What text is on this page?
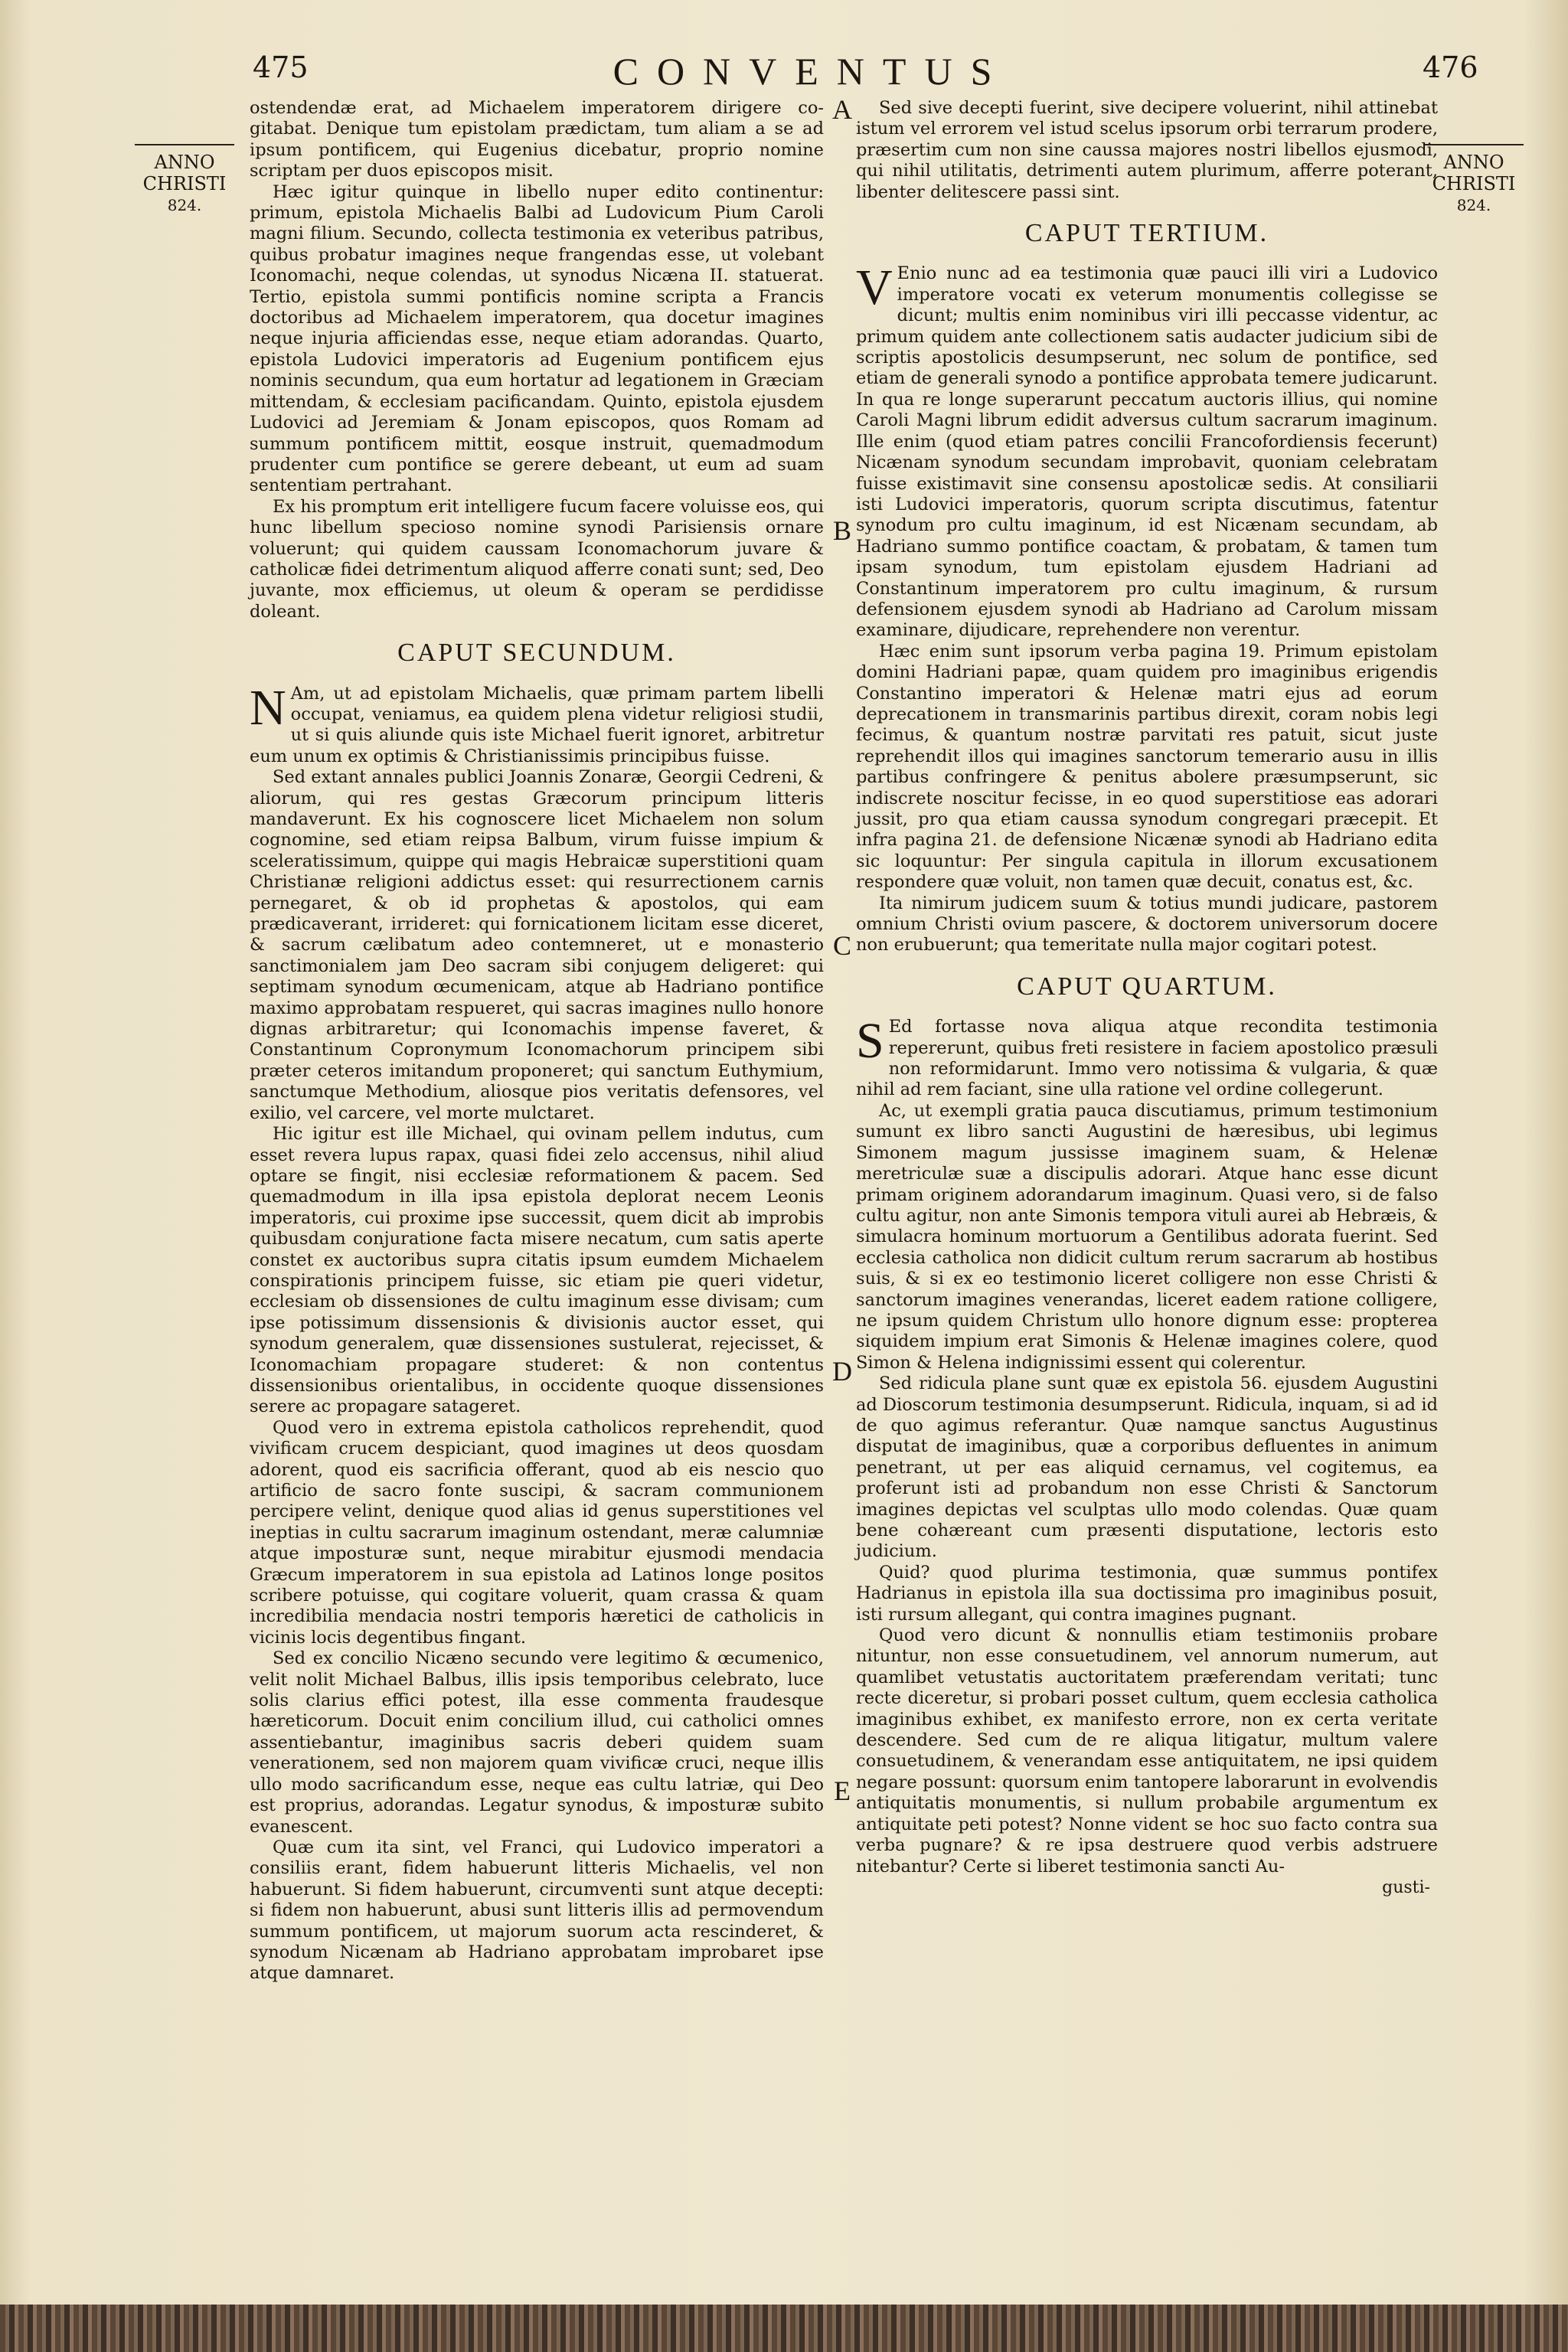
475	CONVENTUS	476
ANNO
CHRISTI
824.
ANNO
CHRISTI
824.
A
B
C
D
E

ostendendæ erat, ad Michaelem imperatorem dirigere co- gitabat. Denique tum epistolam prædictam, tum aliam a se ad ipsum pontificem, qui Eugenius dicebatur, proprio nomine scriptam per duos episcopos misit.

Hæc igitur quinque in libello nuper edito continentur: primum, epistola Michaelis Balbi ad Ludovicum Pium Caroli magni filium. Secundo, collecta testimonia ex veteribus patribus, quibus probatur imagines neque frangendas esse, ut volebant Iconomachi, neque colendas, ut synodus Nicæna II. statuerat. Tertio, epistola summi pontificis nomine scripta a Francis doctoribus ad Michaelem imperatorem, qua docetur imagines neque injuria afficiendas esse, neque etiam adorandas. Quarto, epistola Ludovici imperatoris ad Eugenium pontificem ejus nominis secundum, qua eum hortatur ad legationem in Græciam mittendam, & ecclesiam pacificandam. Quinto, epistola ejusdem Ludovici ad Jeremiam & Jonam episcopos, quos Romam ad summum pontificem mittit, eosque instruit, quemadmodum prudenter cum pontifice se gerere debeant, ut eum ad suam sententiam pertrahant.

Ex his promptum erit intelligere fucum facere voluisse eos, qui hunc libellum specioso nomine synodi Parisiensis ornare voluerunt; qui quidem caussam Iconomachorum juvare & catholicæ fidei detrimentum aliquod afferre conati sunt; sed, Deo juvante, mox efficiemus, ut oleum & operam se perdidisse doleant.

CAPUT SECUNDUM.

N Am, ut ad epistolam Michaelis, quæ primam partem libelli occupat, veniamus, ea quidem plena videtur religiosi studii, ut si quis aliunde quis iste Michael fuerit ignoret, arbitretur eum unum ex optimis & Christianissimis principibus fuisse.

Sed extant annales publici Joannis Zonaræ, Georgii Cedreni, & aliorum, qui res gestas Græcorum principum litteris mandaverunt. Ex his cognoscere licet Michaelem non solum cognomine, sed etiam reipsa Balbum, virum fuisse impium & sceleratissimum, quippe qui magis Hebraicæ superstitioni quam Christianæ religioni addictus esset: qui resurrectionem carnis pernegaret, & ob id prophetas & apostolos, qui eam prædicaverant, irrideret: qui fornicationem licitam esse diceret, & sacrum cælibatum adeo contemneret, ut e monasterio sanctimonialem jam Deo sacram sibi conjugem deligeret: qui septimam synodum œcumenicam, atque ab Hadriano pontifice maximo approbatam respueret, qui sacras imagines nullo honore dignas arbitraretur; qui Iconomachis impense faveret, & Constantinum Copronymum Iconomachorum principem sibi præter ceteros imitandum proponeret; qui sanctum Euthymium, sanctumque Methodium, aliosque pios veritatis defensores, vel exilio, vel carcere, vel morte mulctaret.

Hic igitur est ille Michael, qui ovinam pellem indutus, cum esset revera lupus rapax, quasi fidei zelo accensus, nihil aliud optare se fingit, nisi ecclesiæ reformationem & pacem. Sed quemadmodum in illa ipsa epistola deplorat necem Leonis imperatoris, cui proxime ipse successit, quem dicit ab improbis quibusdam conjuratione facta misere necatum, cum satis aperte constet ex auctoribus supra citatis ipsum eumdem Michaelem conspirationis principem fuisse, sic etiam pie queri videtur, ecclesiam ob dissensiones de cultu imaginum esse divisam; cum ipse potissimum dissensionis & divisionis auctor esset, qui synodum generalem, quæ dissensiones sustulerat, rejecisset, & Iconomachiam propagare studeret: & non contentus dissensionibus orientalibus, in occidente quoque dissensiones serere ac propagare satageret.

Quod vero in extrema epistola catholicos reprehendit, quod vivificam crucem despiciant, quod imagines ut deos quosdam adorent, quod eis sacrificia offerant, quod ab eis nescio quo artificio de sacro fonte suscipi, & sacram communionem percipere velint, denique quod alias id genus superstitiones vel ineptias in cultu sacrarum imaginum ostendant, meræ calumniæ atque imposturæ sunt, neque mirabitur ejusmodi mendacia Græcum imperatorem in sua epistola ad Latinos longe positos scribere potuisse, qui cogitare voluerit, quam crassa & quam incredibilia mendacia nostri temporis hæretici de catholicis in vicinis locis degentibus fingant.

Sed ex concilio Nicæno secundo vere legitimo & œcumenico, velit nolit Michael Balbus, illis ipsis temporibus celebrato, luce solis clarius effici potest, illa esse commenta fraudesque hæreticorum. Docuit enim concilium illud, cui catholici omnes assentiebantur, imaginibus sacris deberi quidem suam venerationem, sed non majorem quam vivificæ cruci, neque illis ullo modo sacrificandum esse, neque eas cultu latriæ, qui Deo est proprius, adorandas. Legatur synodus, & imposturæ subito evanescent.

Quæ cum ita sint, vel Franci, qui Ludovico imperatori a consiliis erant, fidem habuerunt litteris Michaelis, vel non habuerunt. Si fidem habuerunt, circumventi sunt atque decepti: si fidem non habuerunt, abusi sunt litteris illis ad permovendum summum pontificem, ut majorum suorum acta rescinderet, & synodum Nicænam ab Hadriano approbatam improbaret ipse atque damnaret.

Sed sive decepti fuerint, sive decipere voluerint, nihil attinebat istum vel errorem vel istud scelus ipsorum orbi terrarum prodere, præsertim cum non sine caussa majores nostri libellos ejusmodi, qui nihil utilitatis, detrimenti autem plurimum, afferre poterant, libenter delitescere passi sint.

CAPUT TERTIUM.

V Enio nunc ad ea testimonia quæ pauci illi viri a Ludovico imperatore vocati ex veterum monumentis collegisse se dicunt; multis enim nominibus viri illi peccasse videntur, ac primum quidem ante collectionem satis audacter judicium sibi de scriptis apostolicis desumpserunt, nec solum de pontifice, sed etiam de generali synodo a pontifice approbata temere judicarunt. In qua re longe superarunt peccatum auctoris illius, qui nomine Caroli Magni librum edidit adversus cultum sacrarum imaginum. Ille enim (quod etiam patres concilii Francofordiensis fecerunt) Nicænam synodum secundam improbavit, quoniam celebratam fuisse existimavit sine consensu apostolicæ sedis. At consiliarii isti Ludovici imperatoris, quorum scripta discutimus, fatentur synodum pro cultu imaginum, id est Nicænam secundam, ab Hadriano summo pontifice coactam, & probatam, & tamen tum ipsam synodum, tum epistolam ejusdem Hadriani ad Constantinum imperatorem pro cultu imaginum, & rursum defensionem ejusdem synodi ab Hadriano ad Carolum missam examinare, dijudicare, reprehendere non verentur.

Hæc enim sunt ipsorum verba pagina 19. Primum epistolam domini Hadriani papæ, quam quidem pro imaginibus erigendis Constantino imperatori & Helenæ matri ejus ad eorum deprecationem in transmarinis partibus direxit, coram nobis legi fecimus, & quantum nostræ parvitati res patuit, sicut juste reprehendit illos qui imagines sanctorum temerario ausu in illis partibus confringere & penitus abolere præsumpserunt, sic indiscrete noscitur fecisse, in eo quod superstitiose eas adorari jussit, pro qua etiam caussa synodum congregari præcepit. Et infra pagina 21. de defensione Nicænæ synodi ab Hadriano edita sic loquuntur: Per singula capitula in illorum excusationem respondere quæ voluit, non tamen quæ decuit, conatus est, &c.

Ita nimirum judicem suum & totius mundi judicare, pastorem omnium Christi ovium pascere, & doctorem universorum docere non erubuerunt; qua temeritate nulla major cogitari potest.

CAPUT QUARTUM.

S Ed fortasse nova aliqua atque recondita testimonia repererunt, quibus freti resistere in faciem apostolico præsuli non reformidarunt. Immo vero notissima & vulgaria, & quæ nihil ad rem faciant, sine ulla ratione vel ordine collegerunt.

Ac, ut exempli gratia pauca discutiamus, primum testimonium sumunt ex libro sancti Augustini de hæresibus, ubi legimus Simonem magum jussisse imaginem suam, & Helenæ meretriculæ suæ a discipulis adorari. Atque hanc esse dicunt primam originem adorandarum imaginum. Quasi vero, si de falso cultu agitur, non ante Simonis tempora vituli aurei ab Hebræis, & simulacra hominum mortuorum a Gentilibus adorata fuerint. Sed ecclesia catholica non didicit cultum rerum sacrarum ab hostibus suis, & si ex eo testimonio liceret colligere non esse Christi & sanctorum imagines venerandas, liceret eadem ratione colligere, ne ipsum quidem Christum ullo honore dignum esse: propterea siquidem impium erat Simonis & Helenæ imagines colere, quod Simon & Helena indignissimi essent qui colerentur.

Sed ridicula plane sunt quæ ex epistola 56. ejusdem Augustini ad Dioscorum testimonia desumpserunt. Ridicula, inquam, si ad id de quo agimus referantur. Quæ namque sanctus Augustinus disputat de imaginibus, quæ a corporibus defluentes in animum penetrant, ut per eas aliquid cernamus, vel cogitemus, ea proferunt isti ad probandum non esse Christi & Sanctorum imagines depictas vel sculptas ullo modo colendas. Quæ quam bene cohæreant cum præsenti disputatione, lectoris esto judicium.

Quid? quod plurima testimonia, quæ summus pontifex Hadrianus in epistola illa sua doctissima pro imaginibus posuit, isti rursum allegant, qui contra imagines pugnant.

Quod vero dicunt & nonnullis etiam testimoniis probare nituntur, non esse consuetudinem, vel annorum numerum, aut quamlibet vetustatis auctoritatem præferendam veritati; tunc recte diceretur, si probari posset cultum, quem ecclesia catholica imaginibus exhibet, ex manifesto errore, non ex certa veritate descendere. Sed cum de re aliqua litigatur, multum valere consuetudinem, & venerandam esse antiquitatem, ne ipsi quidem negare possunt: quorsum enim tantopere laborarunt in evolvendis antiquitatis monumentis, si nullum probabile argumentum ex antiquitate peti potest? Nonne vident se hoc suo facto contra sua verba pugnare? & re ipsa destruere quod verbis adstruere nitebantur? Certe si liberet testimonia sancti Au-

gusti-
